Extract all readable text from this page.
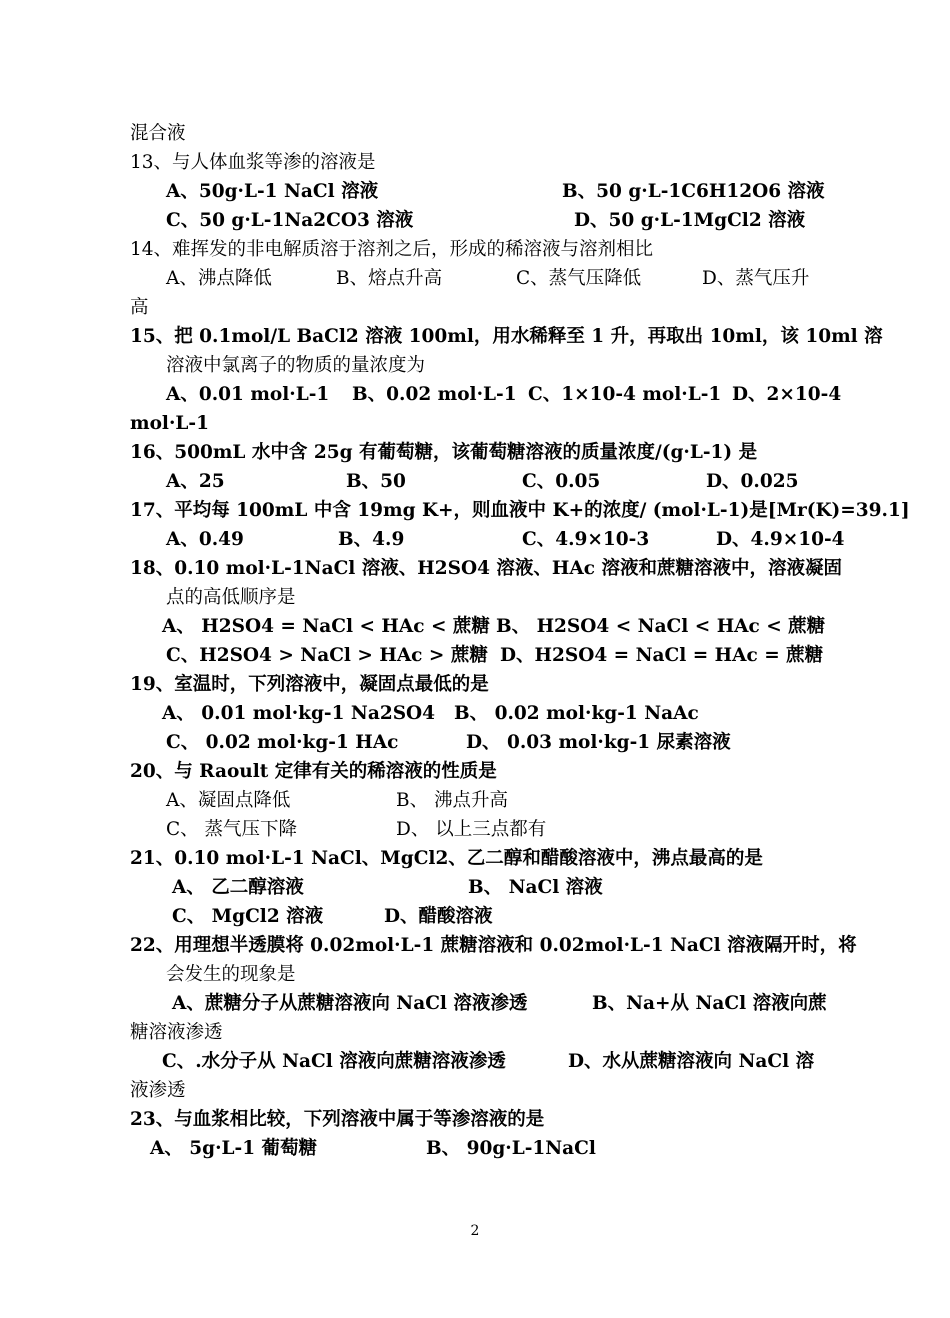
混合液
13、与人体血浆等渗的溶液是
A、50g·L-1 NaCl 溶液	B、50 g·L-1C6H12O6 溶液
C、50 g·L-1Na2CO3 溶液	D、50 g·L-1MgCl2 溶液
14、难挥发的非电解质溶于溶剂之后，形成的稀溶液与溶剂相比
A、沸点降低	B、熔点升高	C、蒸气压降低	D、蒸气压升
高
15、把 0.1mol/L BaCl2 溶液 100ml，用水稀释至 1 升，再取出 10ml，该 10ml 溶
溶液中氯离子的物质的量浓度为
A、0.01 mol·L-1 B、0.02 mol·L-1 C、1×10-4 mol·L-1 D、2×10-4
mol·L-1
16、500mL 水中含 25g 有葡萄糖，该葡萄糖溶液的质量浓度/(g·L-1) 是
A、25	B、50	C、0.05	D、0.025
17、平均每 100mL 中含 19mg K+，则血液中 K+的浓度/ (mol·L-1)是[Mr(K)=39.1]
A、0.49	B、4.9	C、4.9×10-3	D、4.9×10-4
18、0.10 mol·L-1NaCl 溶液、H2SO4 溶液、HAc 溶液和蔗糖溶液中，溶液凝固
点的高低顺序是
A、 H2SO4 = NaCl < HAc < 蔗糖 B、 H2SO4 < NaCl < HAc < 蔗糖
C、H2SO4 > NaCl > HAc > 蔗糖 D、H2SO4 = NaCl = HAc = 蔗糖
19、室温时，下列溶液中，凝固点最低的是
A、 0.01 mol·kg-1 Na2SO4 B、 0.02 mol·kg-1 NaAc
C、 0.02 mol·kg-1 HAc	D、 0.03 mol·kg-1 尿素溶液
20、与 Raoult 定律有关的稀溶液的性质是
A、凝固点降低	B、 沸点升高
C、 蒸气压下降	D、 以上三点都有
21、0.10 mol·L-1 NaCl、MgCl2、乙二醇和醋酸溶液中，沸点最高的是
A、 乙二醇溶液	B、 NaCl 溶液
C、 MgCl2 溶液	D、醋酸溶液
22、用理想半透膜将 0.02mol·L-1 蔗糖溶液和 0.02mol·L-1 NaCl 溶液隔开时，将
会发生的现象是
A、蔗糖分子从蔗糖溶液向 NaCl 溶液渗透	B、Na+从 NaCl 溶液向蔗
糖溶液渗透
C、.水分子从 NaCl 溶液向蔗糖溶液渗透	D、水从蔗糖溶液向 NaCl 溶
液渗透
23、与血浆相比较，下列溶液中属于等渗溶液的是
A、 5g·L-1 葡萄糖	B、 90g·L-1NaCl
2
